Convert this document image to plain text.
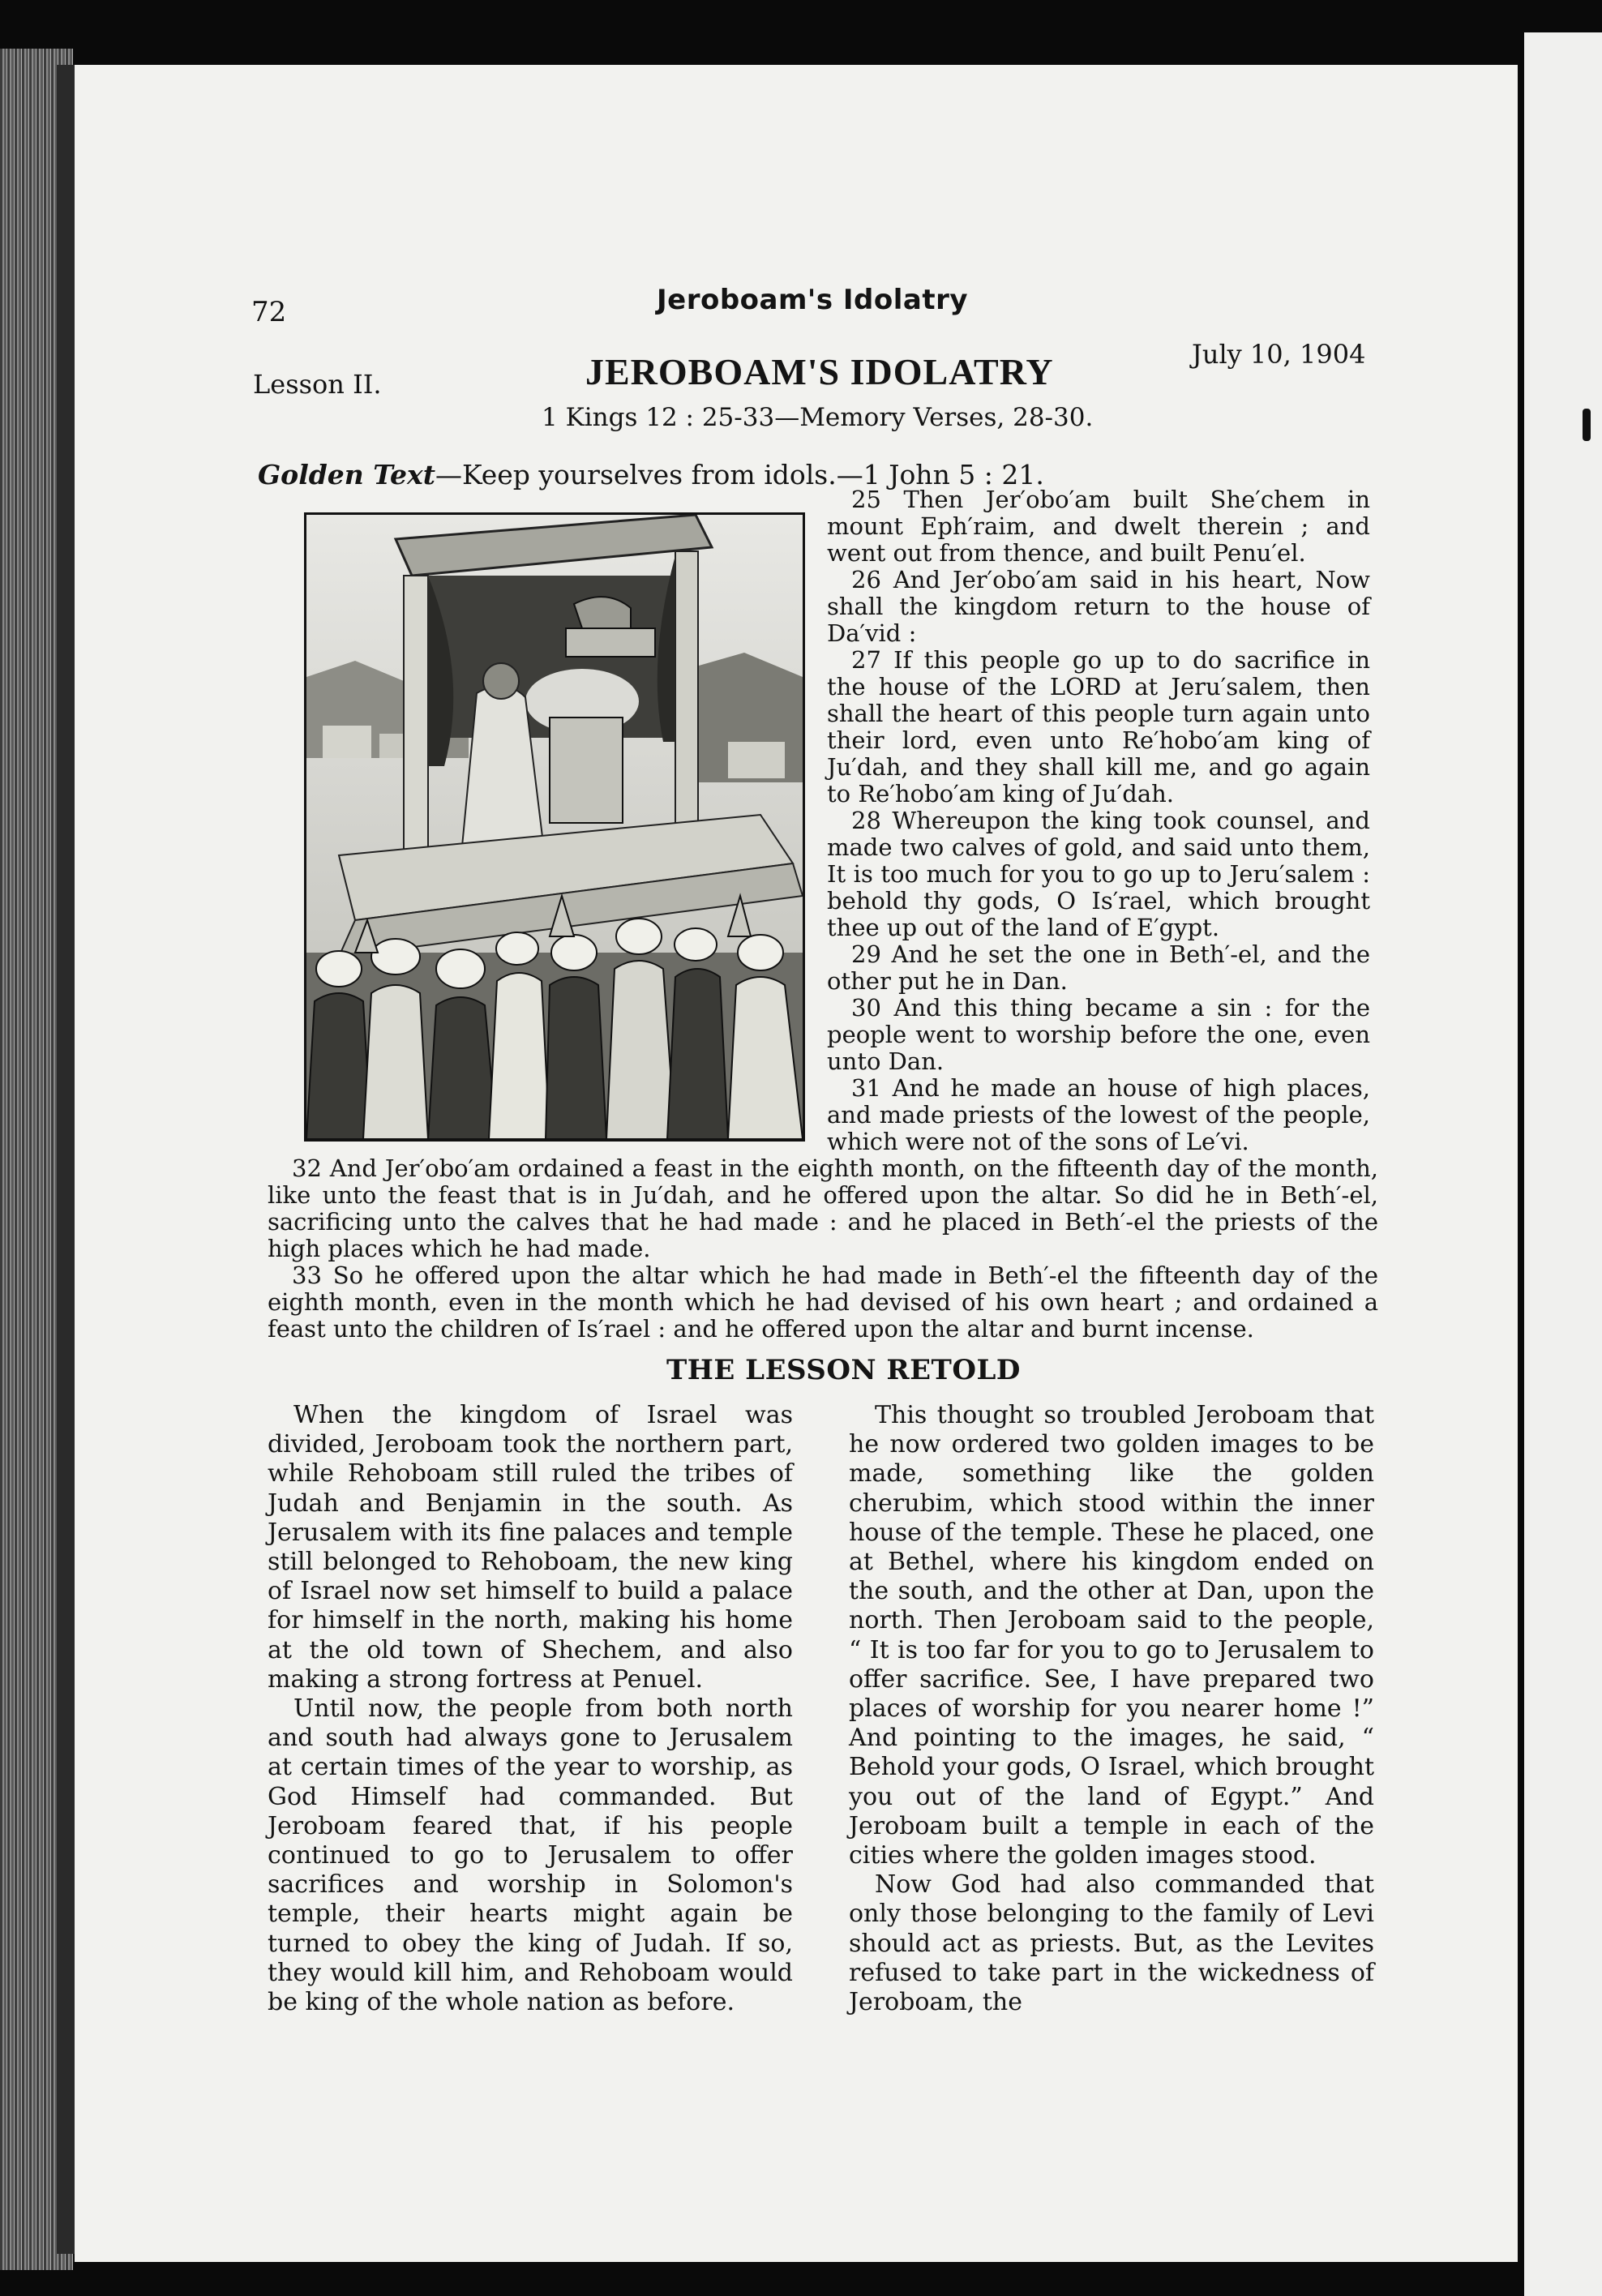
72	Jeroboam's Idolatry
Lesson II.	JEROBOAM'S IDOLATRY	July 10, 1904
1 Kings 12 : 25-33—Memory Verses, 28-30.
Golden Text—Keep yourselves from idols.—1 John 5 : 21.

25 Then Jer′obo′am built She′chem in mount Eph′raim, and dwelt therein ; and went out from thence, and built Penu′el.

26 And Jer′obo′am said in his heart, Now shall the kingdom return to the house of Da′vid :

27 If this people go up to do sacrifice in the house of the LORD at Jeru′salem, then shall the heart of this people turn again unto their lord, even unto Re′hobo′am king of Ju′dah, and they shall kill me, and go again to Re′hobo′am king of Ju′dah.

28 Whereupon the king took counsel, and made two calves of gold, and said unto them, It is too much for you to go up to Jeru′salem : behold thy gods, O Is′rael, which brought thee up out of the land of E′gypt.

29 And he set the one in Beth′-el, and the other put he in Dan.

30 And this thing became a sin : for the people went to worship before the one, even unto Dan.

31 And he made an house of high places, and made priests of the lowest of the people, which were not of the sons of Le′vi.

32 And Jer′obo′am ordained a feast in the eighth month, on the fifteenth day of the month, like unto the feast that is in Ju′dah, and he offered upon the altar. So did he in Beth′-el, sacrificing unto the calves that he had made : and he placed in Beth′-el the priests of the high places which he had made.

33 So he offered upon the altar which he had made in Beth′-el the fifteenth day of the eighth month, even in the month which he had devised of his own heart ; and ordained a feast unto the children of Is′rael : and he offered upon the altar and burnt incense.

THE LESSON RETOLD

When the kingdom of Israel was divided, Jeroboam took the northern part, while Rehoboam still ruled the tribes of Judah and Benjamin in the south. As Jerusalem with its fine palaces and temple still belonged to Rehoboam, the new king of Israel now set himself to build a palace for himself in the north, making his home at the old town of Shechem, and also making a strong fortress at Penuel.

Until now, the people from both north and south had always gone to Jerusalem at certain times of the year to worship, as God Himself had commanded. But Jeroboam feared that, if his people continued to go to Jerusalem to offer sacrifices and worship in Solomon's temple, their hearts might again be turned to obey the king of Judah. If so, they would kill him, and Rehoboam would be king of the whole nation as before.

This thought so troubled Jeroboam that he now ordered two golden images to be made, something like the golden cherubim, which stood within the inner house of the temple. These he placed, one at Bethel, where his kingdom ended on the south, and the other at Dan, upon the north. Then Jeroboam said to the people, “ It is too far for you to go to Jerusalem to offer sacrifice. See, I have prepared two places of worship for you nearer home !” And pointing to the images, he said, “ Behold your gods, O Israel, which brought you out of the land of Egypt.” And Jeroboam built a temple in each of the cities where the golden images stood.

Now God had also commanded that only those belonging to the family of Levi should act as priests. But, as the Levites refused to take part in the wickedness of Jeroboam, the
